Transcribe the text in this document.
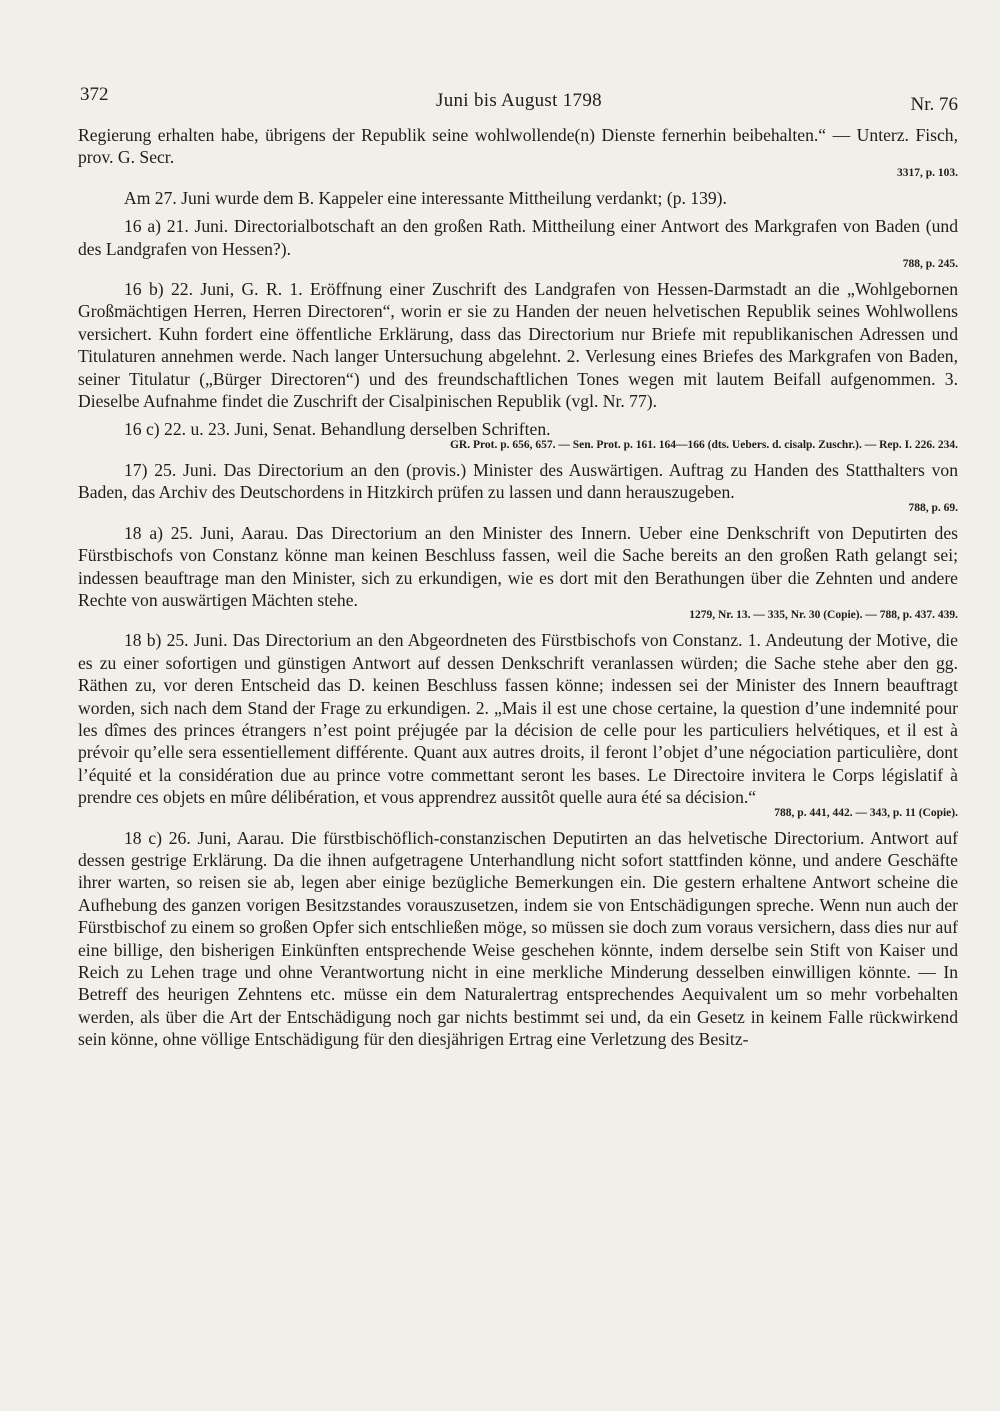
372	Juni bis August 1798	Nr. 76

Regierung erhalten habe, übrigens der Republik seine wohlwollende(n) Dienste fernerhin beibehalten.“ — Unterz. Fisch, prov. G. Secr.

3317, p. 103.

Am 27. Juni wurde dem B. Kappeler eine interessante Mittheilung verdankt; (p. 139).

16 a) 21. Juni. Directorialbotschaft an den großen Rath. Mittheilung einer Antwort des Markgrafen von Baden (und des Landgrafen von Hessen?).

788, p. 245.

16 b) 22. Juni, G. R. 1. Eröffnung einer Zuschrift des Landgrafen von Hessen-Darmstadt an die „Wohlgebornen Großmächtigen Herren, Herren Directoren“, worin er sie zu Handen der neuen helvetischen Republik seines Wohlwollens versichert. Kuhn fordert eine öffentliche Erklärung, dass das Directorium nur Briefe mit republikanischen Adressen und Titulaturen annehmen werde. Nach langer Untersuchung abgelehnt. 2. Verlesung eines Briefes des Markgrafen von Baden, seiner Titulatur („Bürger Directoren“) und des freundschaftlichen Tones wegen mit lautem Beifall aufgenommen. 3. Dieselbe Aufnahme findet die Zuschrift der Cisalpinischen Republik (vgl. Nr. 77).

16 c) 22. u. 23. Juni, Senat. Behandlung derselben Schriften.

GR. Prot. p. 656, 657. — Sen. Prot. p. 161. 164—166 (dts. Uebers. d. cisalp. Zuschr.). — Rep. I. 226. 234.

17) 25. Juni. Das Directorium an den (provis.) Minister des Auswärtigen. Auftrag zu Handen des Statthalters von Baden, das Archiv des Deutschordens in Hitzkirch prüfen zu lassen und dann herauszugeben.

788, p. 69.

18 a) 25. Juni, Aarau. Das Directorium an den Minister des Innern. Ueber eine Denkschrift von Deputirten des Fürstbischofs von Constanz könne man keinen Beschluss fassen, weil die Sache bereits an den großen Rath gelangt sei; indessen beauftrage man den Minister, sich zu erkundigen, wie es dort mit den Berathungen über die Zehnten und andere Rechte von auswärtigen Mächten stehe.

1279, Nr. 13. — 335, Nr. 30 (Copie). — 788, p. 437. 439.

18 b) 25. Juni. Das Directorium an den Abgeordneten des Fürstbischofs von Constanz. 1. Andeutung der Motive, die es zu einer sofortigen und günstigen Antwort auf dessen Denkschrift veranlassen würden; die Sache stehe aber den gg. Räthen zu, vor deren Entscheid das D. keinen Beschluss fassen könne; indessen sei der Minister des Innern beauftragt worden, sich nach dem Stand der Frage zu erkundigen. 2. „Mais il est une chose certaine, la question d’une indemnité pour les dîmes des princes étrangers n’est point préjugée par la décision de celle pour les particuliers helvétiques, et il est à prévoir qu’elle sera essentiellement différente. Quant aux autres droits, il feront l’objet d’une négociation particulière, dont l’équité et la considération due au prince votre commettant seront les bases. Le Directoire invitera le Corps législatif à prendre ces objets en mûre délibération, et vous apprendrez aussitôt quelle aura été sa décision.“

788, p. 441, 442. — 343, p. 11 (Copie).

18 c) 26. Juni, Aarau. Die fürstbischöflich-constanzischen Deputirten an das helvetische Directorium. Antwort auf dessen gestrige Erklärung. Da die ihnen aufgetragene Unterhandlung nicht sofort stattfinden könne, und andere Geschäfte ihrer warten, so reisen sie ab, legen aber einige bezügliche Bemerkungen ein. Die gestern erhaltene Antwort scheine die Aufhebung des ganzen vorigen Besitzstandes vorauszusetzen, indem sie von Entschädigungen spreche. Wenn nun auch der Fürstbischof zu einem so großen Opfer sich entschließen möge, so müssen sie doch zum voraus versichern, dass dies nur auf eine billige, den bisherigen Einkünften entsprechende Weise geschehen könnte, indem derselbe sein Stift von Kaiser und Reich zu Lehen trage und ohne Verantwortung nicht in eine merkliche Minderung desselben einwilligen könnte. — In Betreff des heurigen Zehntens etc. müsse ein dem Naturalertrag entsprechendes Aequivalent um so mehr vorbehalten werden, als über die Art der Entschädigung noch gar nichts bestimmt sei und, da ein Gesetz in keinem Falle rückwirkend sein könne, ohne völlige Entschädigung für den diesjährigen Ertrag eine Verletzung des Besitz-
